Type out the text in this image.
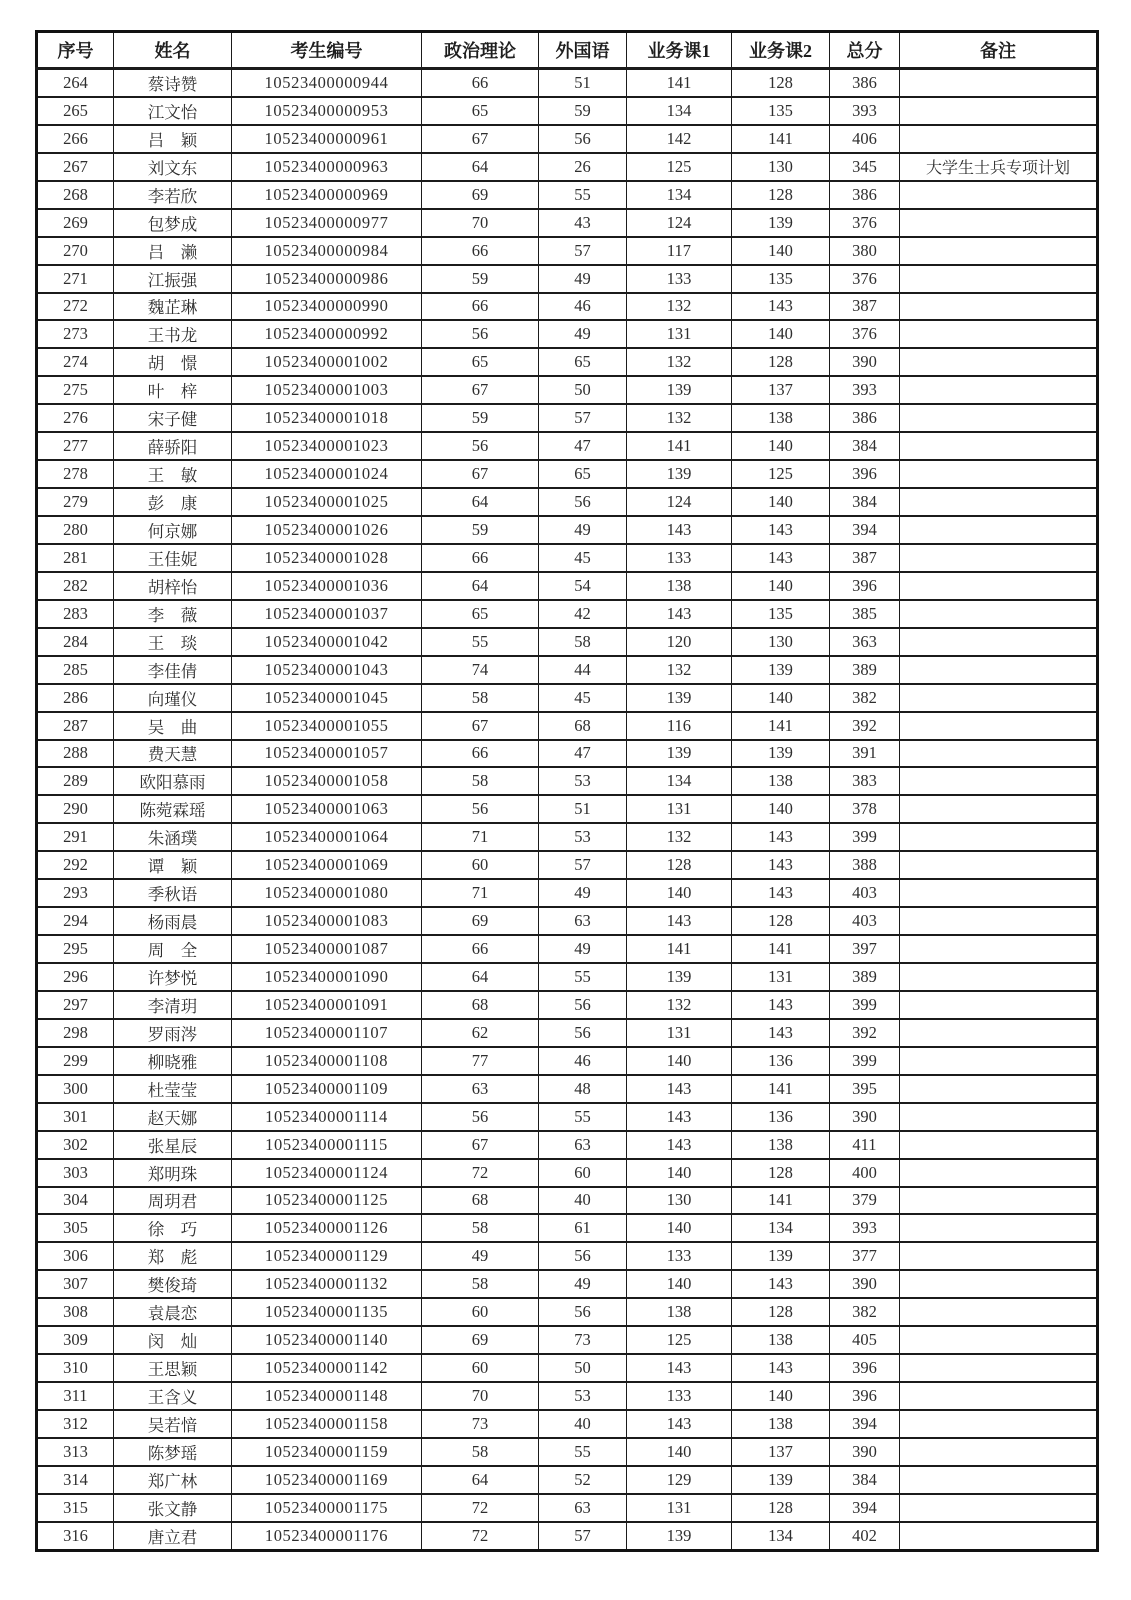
序号	姓名	考生编号	政治理论	外国语	业务课1	业务课2	总分	备注
264	蔡诗赞	10523400000944	66	51	141	128	386	
265	江文怡	10523400000953	65	59	134	135	393	
266	吕 颖	10523400000961	67	56	142	141	406	
267	刘文东	10523400000963	64	26	125	130	345	大学生士兵专项计划
268	李若欣	10523400000969	69	55	134	128	386	
269	包梦成	10523400000977	70	43	124	139	376	
270	吕 濑	10523400000984	66	57	117	140	380	
271	江振强	10523400000986	59	49	133	135	376	
272	魏芷琳	10523400000990	66	46	132	143	387	
273	王书龙	10523400000992	56	49	131	140	376	
274	胡 憬	10523400001002	65	65	132	128	390	
275	叶 梓	10523400001003	67	50	139	137	393	
276	宋子健	10523400001018	59	57	132	138	386	
277	薛骄阳	10523400001023	56	47	141	140	384	
278	王 敏	10523400001024	67	65	139	125	396	
279	彭 康	10523400001025	64	56	124	140	384	
280	何京娜	10523400001026	59	49	143	143	394	
281	王佳妮	10523400001028	66	45	133	143	387	
282	胡梓怡	10523400001036	64	54	138	140	396	
283	李 薇	10523400001037	65	42	143	135	385	
284	王 琰	10523400001042	55	58	120	130	363	
285	李佳倩	10523400001043	74	44	132	139	389	
286	向瑾仪	10523400001045	58	45	139	140	382	
287	吴 曲	10523400001055	67	68	116	141	392	
288	费天慧	10523400001057	66	47	139	139	391	
289	欧阳慕雨	10523400001058	58	53	134	138	383	
290	陈菀霖瑶	10523400001063	56	51	131	140	378	
291	朱涵璞	10523400001064	71	53	132	143	399	
292	谭 颖	10523400001069	60	57	128	143	388	
293	季秋语	10523400001080	71	49	140	143	403	
294	杨雨晨	10523400001083	69	63	143	128	403	
295	周 全	10523400001087	66	49	141	141	397	
296	许梦悦	10523400001090	64	55	139	131	389	
297	李清玥	10523400001091	68	56	132	143	399	
298	罗雨涔	10523400001107	62	56	131	143	392	
299	柳晓雅	10523400001108	77	46	140	136	399	
300	杜莹莹	10523400001109	63	48	143	141	395	
301	赵天娜	10523400001114	56	55	143	136	390	
302	张星辰	10523400001115	67	63	143	138	411	
303	郑明珠	10523400001124	72	60	140	128	400	
304	周玥君	10523400001125	68	40	130	141	379	
305	徐 巧	10523400001126	58	61	140	134	393	
306	郑 彪	10523400001129	49	56	133	139	377	
307	樊俊琦	10523400001132	58	49	140	143	390	
308	袁晨恋	10523400001135	60	56	138	128	382	
309	闵 灿	10523400001140	69	73	125	138	405	
310	王思颖	10523400001142	60	50	143	143	396	
311	王含义	10523400001148	70	53	133	140	396	
312	吴若愔	10523400001158	73	40	143	138	394	
313	陈梦瑶	10523400001159	58	55	140	137	390	
314	郑广林	10523400001169	64	52	129	139	384	
315	张文静	10523400001175	72	63	131	128	394	
316	唐立君	10523400001176	72	57	139	134	402	
